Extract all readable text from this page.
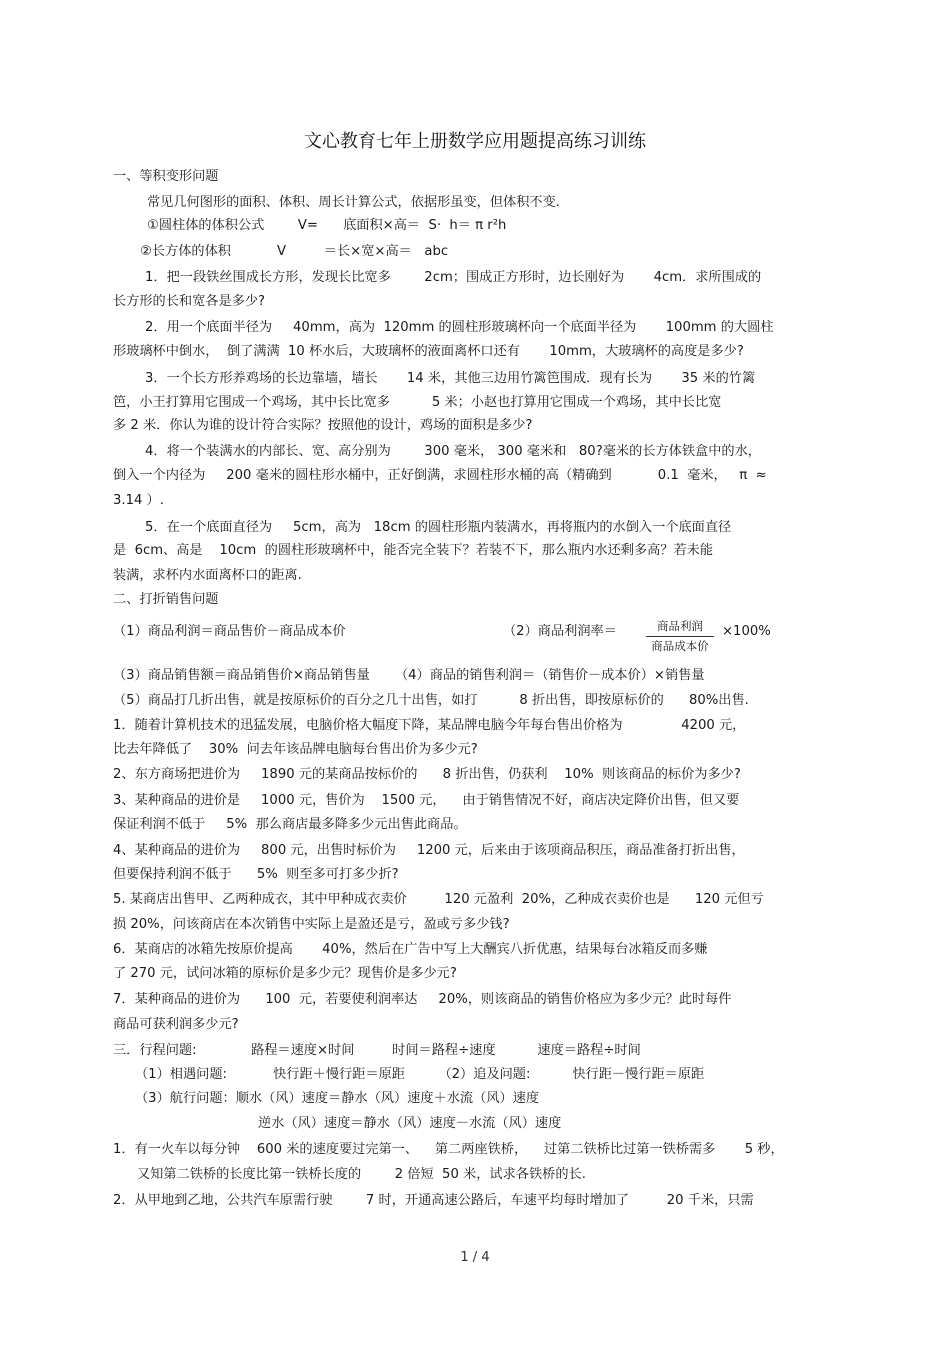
文心教育七年上册数学应用题提高练习训练
一、等积变形问题
常见几何图形的面积、体积、周长计算公式，依据形虽变，但体积不变.
①圆柱体的体积公式        V=      底面积×高＝  S·  h＝ π r²h
②长方体的体积           V         ＝长×宽×高＝   abc
1．把一段铁丝围成长方形，发现长比宽多        2cm；围成正方形时，边长刚好为       4cm．求所围成的
长方形的长和宽各是多少?
2．用一个底面半径为     40mm，高为  120mm 的圆柱形玻璃杯向一个底面半径为       100mm 的大圆柱
形玻璃杯中倒水，  倒了满满  10 杯水后，大玻璃杯的液面离杯口还有       10mm，大玻璃杯的高度是多少?
3．一个长方形养鸡场的长边靠墙，墙长       14 米，其他三边用竹篱笆围成．现有长为       35 米的竹篱
笆，小王打算用它围成一个鸡场，其中长比宽多          5 米；小赵也打算用它围成一个鸡场，其中长比宽
多 2 米．你认为谁的设计符合实际？按照他的设计，鸡场的面积是多少?
4．将一个装满水的内部长、宽、高分别为        300 毫米， 300 毫米和   80?毫米的长方体铁盒中的水，
倒入一个内径为     200 毫米的圆柱形水桶中，正好倒满，求圆柱形水桶的高（精确到           0.1  毫米，   π  ≈
3.14 ）.
5．在一个底面直径为     5cm，高为   18cm 的圆柱形瓶内装满水，再将瓶内的水倒入一个底面直径
是  6cm、高是    10cm  的圆柱形玻璃杯中，能否完全装下？若装不下，那么瓶内水还剩多高？若未能
装满，求杯内水面离杯口的距离.
二、打折销售问题
（1）商品利润＝商品售价－商品成本价	（2）商品利润率＝	商品利润
商品成本价
×100%
（3）商品销售额＝商品销售价×商品销售量      （4）商品的销售利润＝（销售价－成本价）×销售量
（5）商品打几折出售，就是按原标价的百分之几十出售，如打          8 折出售，即按原标价的      80%出售.
1．随着计算机技术的迅猛发展，电脑价格大幅度下降，某品牌电脑今年每台售出价格为              4200 元，
比去年降低了    30%  问去年该品牌电脑每台售出价为多少元?
2、东方商场把进价为     1890 元的某商品按标价的      8 折出售，仍获利    10%  则该商品的标价为多少?
3、某种商品的进价是     1000 元，售价为    1500 元，    由于销售情况不好，商店决定降价出售，但又要
保证利润不低于     5%  那么商店最多降多少元出售此商品。
4、某种商品的进价为     800 元，出售时标价为     1200 元，后来由于该项商品积压，商品准备打折出售，
但要保持利润不低于      5%  则至多可打多少折?
5. 某商店出售甲、乙两种成衣，其中甲种成衣卖价         120 元盈利  20%，乙种成衣卖价也是      120 元但亏
损 20%，问该商店在本次销售中实际上是盈还是亏，盈或亏多少钱?
6．某商店的冰箱先按原价提高       40%，然后在广告中写上大酬宾八折优惠，结果每台冰箱反而多赚
了 270 元，试问冰箱的原标价是多少元？现售价是多少元?
7．某种商品的进价为      100  元，若要使利润率达     20%，则该商品的销售价格应为多少元？此时每件
商品可获利润多少元?
三．行程问题:             路程＝速度×时间         时间＝路程÷速度          速度＝路程÷时间
（1）相遇问题:           快行距＋慢行距＝原距        （2）追及问题:          快行距－慢行距＝原距
（3）航行问题：顺水（风）速度＝静水（风）速度＋水流（风）速度
逆水（风）速度＝静水（风）速度－水流（风）速度
1．有一火车以每分钟    600 米的速度要过完第一、    第二两座铁桥，    过第二铁桥比过第一铁桥需多       5 秒，
又知第二铁桥的长度比第一铁桥长度的        2 倍短  50 米，试求各铁桥的长.
2．从甲地到乙地，公共汽车原需行驶        7 时，开通高速公路后，车速平均每时增加了         20 千米，只需
1 / 4
